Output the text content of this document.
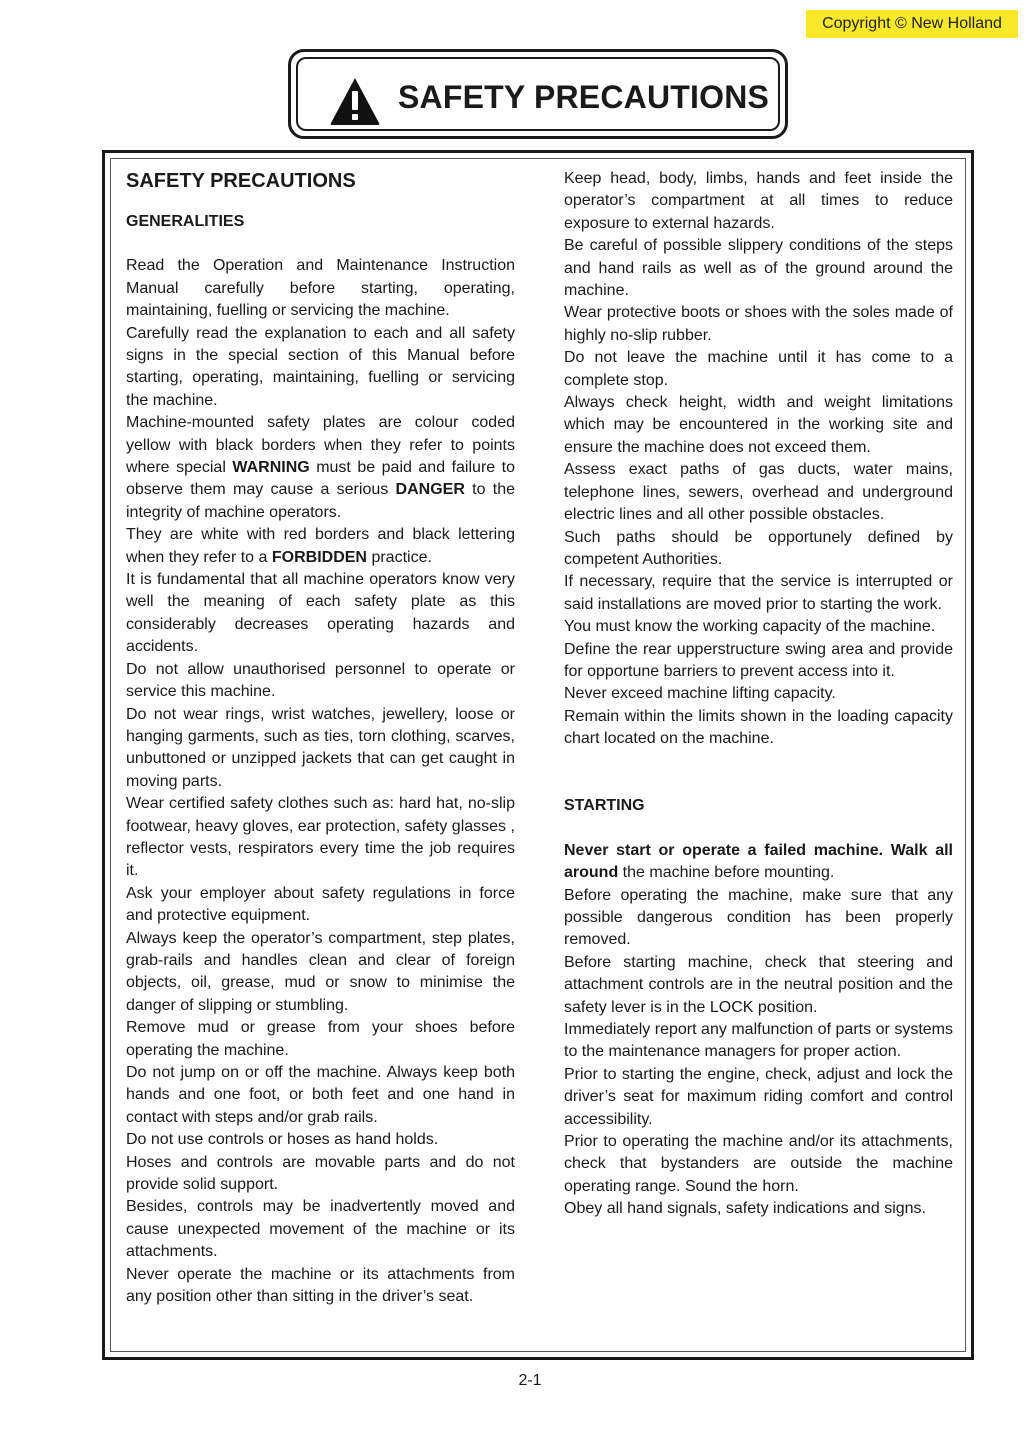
Copyright © New Holland
SAFETY PRECAUTIONS
SAFETY PRECAUTIONS

GENERALITIES

Read the Operation and Maintenance Instruction Manual carefully before starting, operating, maintaining, fuelling or servicing the machine.

Carefully read the explanation to each and all safety signs in the special section of this Manual before starting, operating, maintaining, fuelling or servicing the machine.

Machine-mounted safety plates are colour coded yellow with black borders when they refer to points where special WARNING must be paid and failure to observe them may cause a serious DANGER to the integrity of machine operators.

They are white with red borders and black lettering when they refer to a FORBIDDEN practice.

It is fundamental that all machine operators know very well the meaning of each safety plate as this considerably decreases operating hazards and accidents.

Do not allow unauthorised personnel to operate or service this machine.

Do not wear rings, wrist watches, jewellery, loose or hanging garments, such as ties, torn clothing, scarves, unbuttoned or unzipped jackets that can get caught in moving parts.

Wear certified safety clothes such as: hard hat, no-slip footwear, heavy gloves, ear protection, safety glasses , reflector vests, respirators every time the job requires it.

Ask your employer about safety regulations in force and protective equipment.

Always keep the operator’s compartment, step plates, grab-rails and handles clean and clear of foreign objects, oil, grease, mud or snow to minimise the danger of slipping or stumbling.

Remove mud or grease from your shoes before operating the machine.

Do not jump on or off the machine. Always keep both hands and one foot, or both feet and one hand in contact with steps and/or grab rails.

Do not use controls or hoses as hand holds.

Hoses and controls are movable parts and do not provide solid support.

Besides, controls may be inadvertently moved and cause unexpected movement of the machine or its attachments.

Never operate the machine or its attachments from any position other than sitting in the driver’s seat.

Keep head, body, limbs, hands and feet inside the operator’s compartment at all times to reduce exposure to external hazards.

Be careful of possible slippery conditions of the steps and hand rails as well as of the ground around the machine.

Wear protective boots or shoes with the soles made of highly no-slip rubber.

Do not leave the machine until it has come to a complete stop.

Always check height, width and weight limitations which may be encountered in the working site and ensure the machine does not exceed them.

Assess exact paths of gas ducts, water mains, telephone lines, sewers, overhead and underground electric lines and all other possible obstacles.

Such paths should be opportunely defined by competent Authorities.

If necessary, require that the service is interrupted or said installations are moved prior to starting the work.

You must know the working capacity of the machine.

Define the rear upperstructure swing area and provide for opportune barriers to prevent access into it.

Never exceed machine lifting capacity.

Remain within the limits shown in the loading capacity chart located on the machine.

STARTING

Never start or operate a failed machine. Walk all around the machine before mounting.

Before operating the machine, make sure that any possible dangerous condition has been properly removed.

Before starting machine, check that steering and attachment controls are in the neutral position and the safety lever is in the LOCK position.

Immediately report any malfunction of parts or systems to the maintenance managers for proper action.

Prior to starting the engine, check, adjust and lock the driver’s seat for maximum riding comfort and control accessibility.

Prior to operating the machine and/or its attachments, check that bystanders are outside the machine operating range. Sound the horn.

Obey all hand signals, safety indications and signs.

2-1
